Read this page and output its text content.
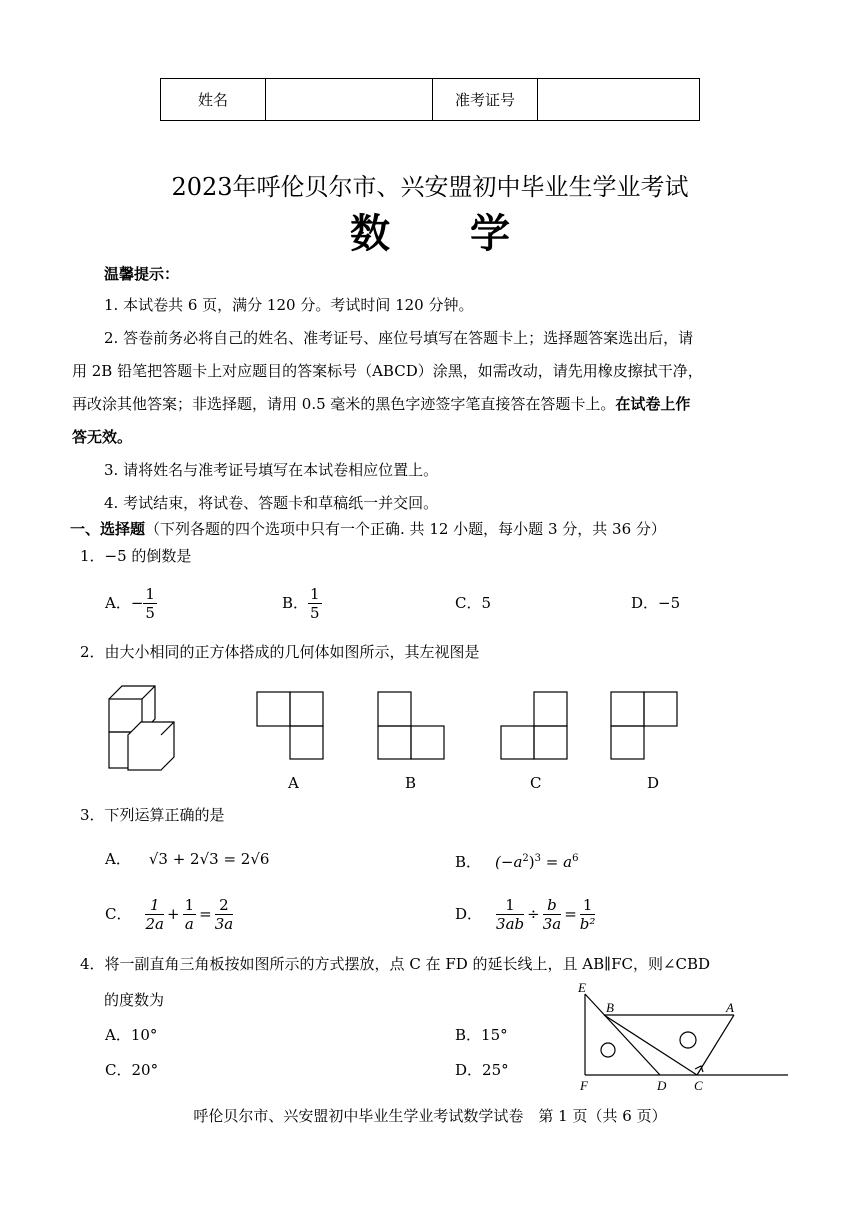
姓名		准考证号	
2023年呼伦贝尔市、兴安盟初中毕业生学业考试
数　　学
温馨提示：
1. 本试卷共 6 页，满分 120 分。考试时间 120 分钟。
2. 答卷前务必将自己的姓名、准考证号、座位号填写在答题卡上；选择题答案选出后，请
用 2B 铅笔把答题卡上对应题目的答案标号（ABCD）涂黑，如需改动，请先用橡皮擦拭干净，
再改涂其他答案；非选择题，请用 0.5 毫米的黑色字迹签字笔直接答在答题卡上。在试卷上作
答无效。
3. 请将姓名与准考证号填写在本试卷相应位置上。
4. 考试结束，将试卷、答题卡和草稿纸一并交回。
一、选择题（下列各题的四个选项中只有一个正确. 共 12 小题，每小题 3 分，共 36 分）
1．−5 的倒数是
A． − $\frac{1}{5}$	B． $\frac{1}{5}$	C．5	D．−5
2．由大小相同的正方体搭成的几何体如图所示，其左视图是
A	B	C	D
3．下列运算正确的是
A． √3 + 2√3 = 2√6	B． $(-a^2)^3 = a^6$
C． $\frac{1}{2a} + \frac{1}{a} = \frac{2}{3a}$	D． $\frac{1}{3ab} \div \frac{b}{3a} = \frac{1}{\text{b²}}$
4．将一副直角三角板按如图所示的方式摆放，点 C 在 FD 的延长线上，且 AB∥FC，则∠CBD
的度数为
A．10°	B．15°
C．20°	D．25°
E
B	A
F	D C
呼伦贝尔市、兴安盟初中毕业生学业考试数学试卷　第 1 页（共 6 页）
